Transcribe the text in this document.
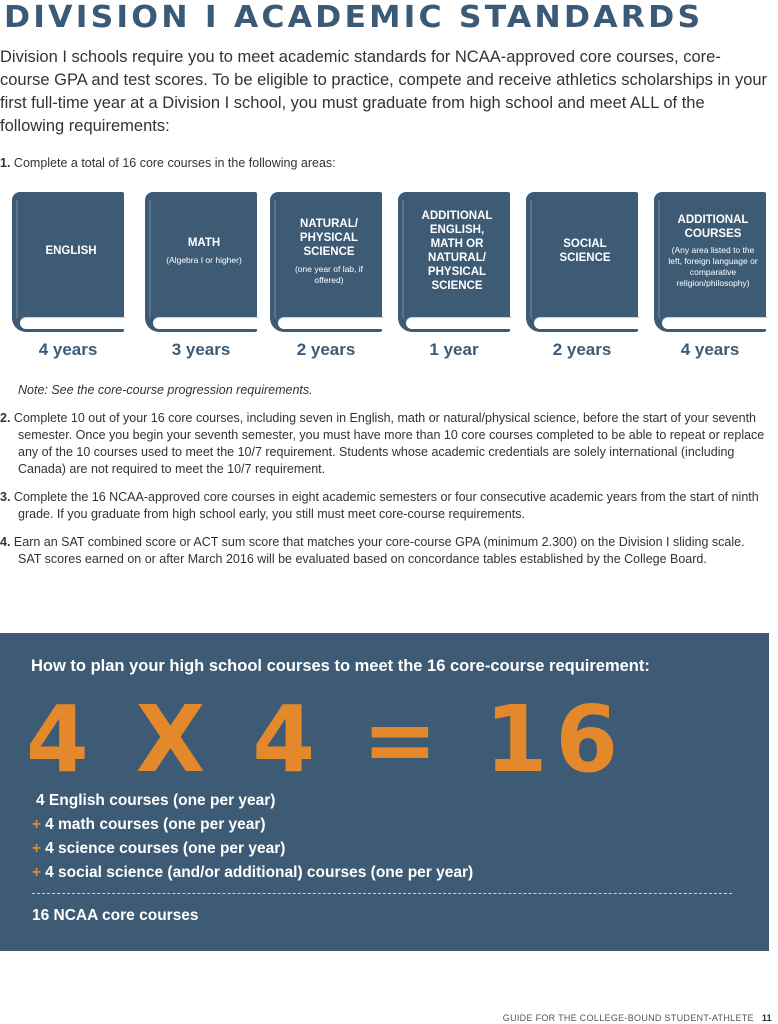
DIVISION I ACADEMIC STANDARDS

Division I schools require you to meet academic standards for NCAA-approved core courses, core-course GPA and test scores. To be eligible to practice, compete and receive athletics scholarships in your first full-time year at a Division I school, you must graduate from high school and meet ALL of the following requirements:

1. Complete a total of 16 core courses in the following areas:
ENGLISH
4 years
MATH
(Algebra I or higher)
3 years
NATURAL/ PHYSICAL SCIENCE
(one year of lab, if offered)
2 years
ADDITIONAL ENGLISH, MATH OR NATURAL/ PHYSICAL SCIENCE
1 year
SOCIAL SCIENCE
2 years
ADDITIONAL COURSES
(Any area listed to the left, foreign language or comparative religion/philosophy)
4 years
Note: See the core-course progression requirements.
2. Complete 10 out of your 16 core courses, including seven in English, math or natural/physical science, before the start of your seventh semester. Once you begin your seventh semester, you must have more than 10 core courses completed to be able to repeat or replace any of the 10 courses used to meet the 10/7 requirement. Students whose academic credentials are solely international (including Canada) are not required to meet the 10/7 requirement.
3. Complete the 16 NCAA-approved core courses in eight academic semesters or four consecutive academic years from the start of ninth grade. If you graduate from high school early, you still must meet core-course requirements.
4. Earn an SAT combined score or ACT sum score that matches your core-course GPA (minimum 2.300) on the Division I sliding scale. SAT scores earned on or after March 2016 will be evaluated based on concordance tables established by the College Board.
How to plan your high school courses to meet the 16 core-course requirement:
4 X 4 = 16
4 English courses (one per year)
+ 4 math courses (one per year)
+ 4 science courses (one per year)
+ 4 social science (and/or additional) courses (one per year)
16 NCAA core courses
GUIDE FOR THE COLLEGE-BOUND STUDENT-ATHLETE 11
